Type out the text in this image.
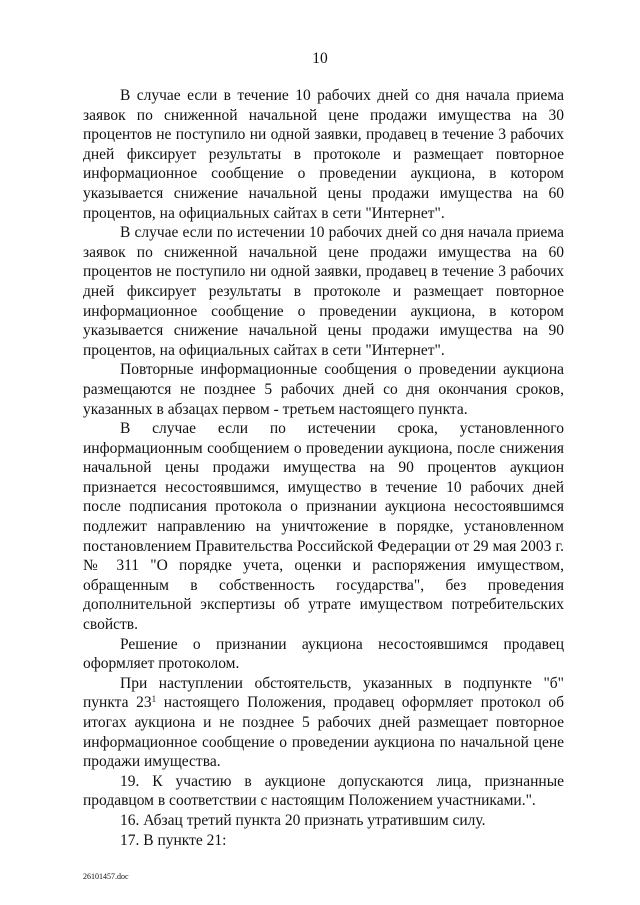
10

В случае если в течение 10 рабочих дней со дня начала приема заявок по сниженной начальной цене продажи имущества на 30 процентов не поступило ни одной заявки, продавец в течение 3 рабочих дней фиксирует результаты в протоколе и размещает повторное информационное сообщение о проведении аукциона, в котором указывается снижение начальной цены продажи имущества на 60 процентов, на официальных сайтах в сети "Интернет".

В случае если по истечении 10 рабочих дней со дня начала приема заявок по сниженной начальной цене продажи имущества на 60 процентов не поступило ни одной заявки, продавец в течение 3 рабочих дней фиксирует результаты в протоколе и размещает повторное информационное сообщение о проведении аукциона, в котором указывается снижение начальной цены продажи имущества на 90 процентов, на официальных сайтах в сети "Интернет".

Повторные информационные сообщения о проведении аукциона размещаются не позднее 5 рабочих дней со дня окончания сроков, указанных в абзацах первом - третьем настоящего пункта.

В случае если по истечении срока, установленного информационным сообщением о проведении аукциона, после снижения начальной цены продажи имущества на 90 процентов аукцион признается несостоявшимся, имущество в течение 10 рабочих дней после подписания протокола о признании аукциона несостоявшимся подлежит направлению на уничтожение в порядке, установленном постановлением Правительства Российской Федерации от 29 мая 2003 г. № 311 "О порядке учета, оценки и распоряжения имуществом, обращенным в собственность государства", без проведения дополнительной экспертизы об утрате имуществом потребительских свойств.

Решение о признании аукциона несостоявшимся продавец оформляет протоколом.

При наступлении обстоятельств, указанных в подпункте "б" пункта $23^1$ настоящего Положения, продавец оформляет протокол об итогах аукциона и не позднее 5 рабочих дней размещает повторное информационное сообщение о проведении аукциона по начальной цене продажи имущества.

19. К участию в аукционе допускаются лица, признанные продавцом в соответствии с настоящим Положением участниками.".

16. Абзац третий пункта 20 признать утратившим силу.

17. В пункте 21:

26101457.doc
